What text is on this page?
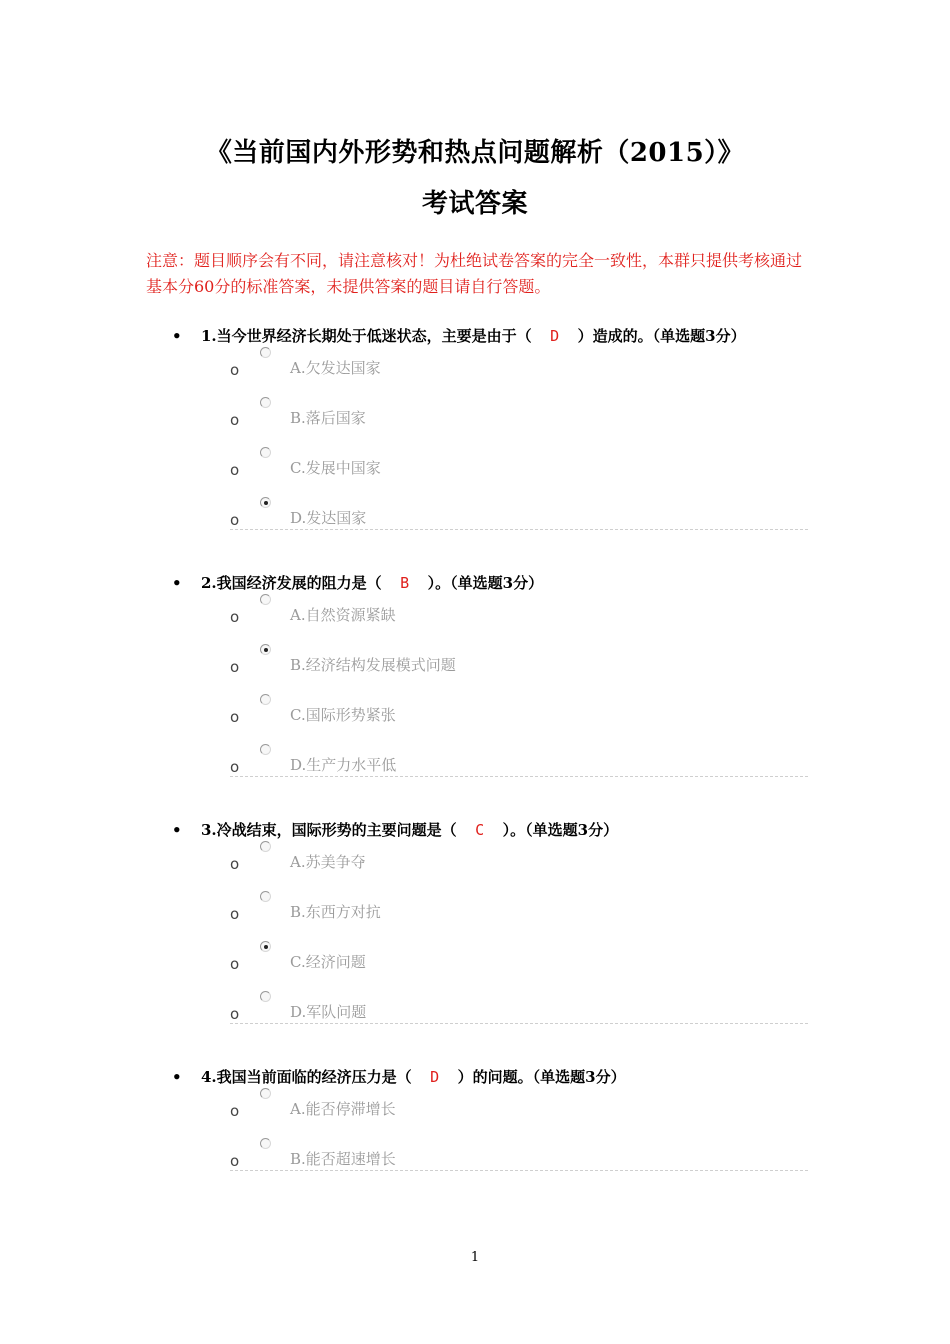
《当前国内外形势和热点问题解析（2015）》
考试答案
注意：题目顺序会有不同，请注意核对！为杜绝试卷答案的完全一致性，本群只提供考核通过基本分60分的标准答案，未提供答案的题目请自行答题。
• 1.当今世界经济长期处于低迷状态，主要是由于（ D ）造成的。（单选题3分）
o	A.欠发达国家
o	B.落后国家
o	C.发展中国家
o	D.发达国家
• 2.我国经济发展的阻力是（ B ）。（单选题3分）
o	A.自然资源紧缺
o	B.经济结构发展模式问题
o	C.国际形势紧张
o	D.生产力水平低
• 3.冷战结束，国际形势的主要问题是（ C ）。（单选题3分）
o	A.苏美争夺
o	B.东西方对抗
o	C.经济问题
o	D.军队问题
• 4.我国当前面临的经济压力是（ D ）的问题。（单选题3分）
o	A.能否停滞增长
o	B.能否超速增长
1
